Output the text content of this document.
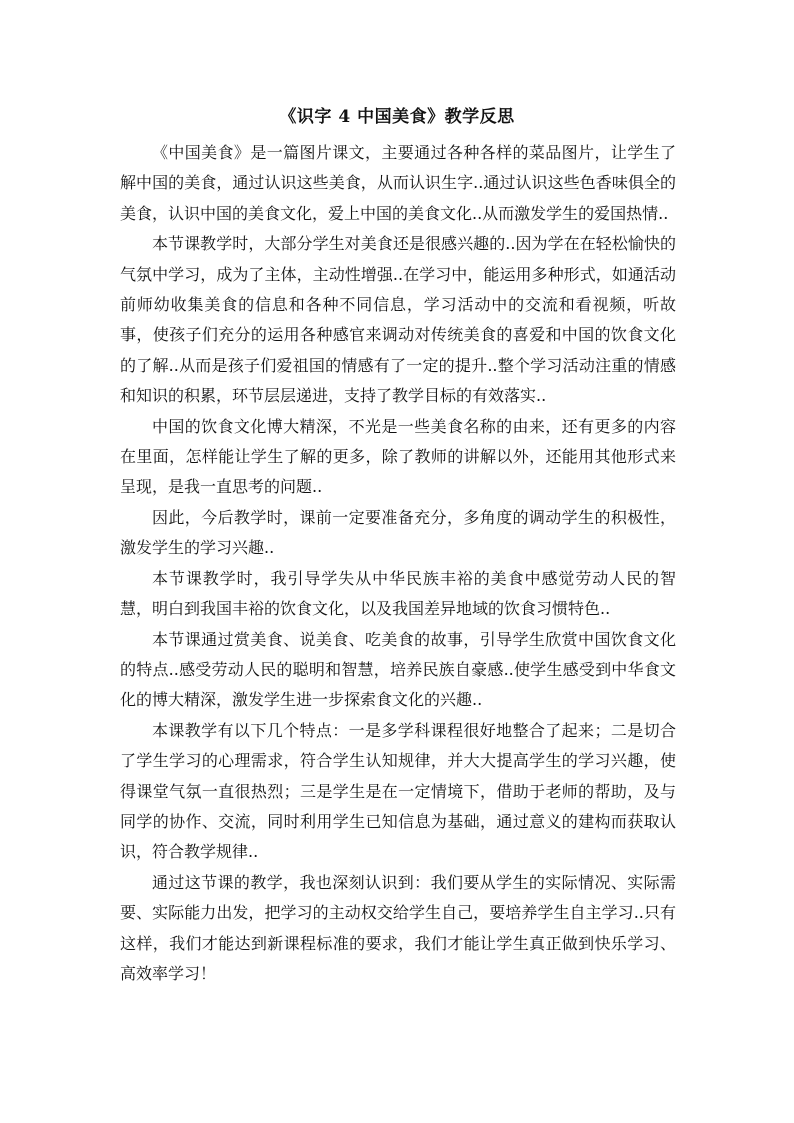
《识字 4 中国美食》教学反思

《中国美食》是一篇图片课文，主要通过各种各样的菜品图片，让学生了解中国的美食，通过认识这些美食，从而认识生字..通过认识这些色香味俱全的美食，认识中国的美食文化，爱上中国的美食文化..从而激发学生的爱国热情..

本节课教学时，大部分学生对美食还是很感兴趣的..因为学在在轻松愉快的气氛中学习，成为了主体，主动性增强..在学习中，能运用多种形式，如通活动前师幼收集美食的信息和各种不同信息，学习活动中的交流和看视频，听故事，使孩子们充分的运用各种感官来调动对传统美食的喜爱和中国的饮食文化的了解..从而是孩子们爱祖国的情感有了一定的提升..整个学习活动注重的情感和知识的积累，环节层层递进，支持了教学目标的有效落实..

中国的饮食文化博大精深，不光是一些美食名称的由来，还有更多的内容在里面，怎样能让学生了解的更多，除了教师的讲解以外，还能用其他形式来呈现，是我一直思考的问题..

因此，今后教学时，课前一定要准备充分，多角度的调动学生的积极性，激发学生的学习兴趣..

本节课教学时，我引导学失从中华民族丰裕的美食中感觉劳动人民的智慧，明白到我国丰裕的饮食文化，以及我国差异地域的饮食习惯特色..

本节课通过赏美食、说美食、吃美食的故事，引导学生欣赏中国饮食文化的特点..感受劳动人民的聪明和智慧，培养民族自豪感..使学生感受到中华食文化的博大精深，激发学生进一步探索食文化的兴趣..

本课教学有以下几个特点：一是多学科课程很好地整合了起来；二是切合了学生学习的心理需求，符合学生认知规律，并大大提高学生的学习兴趣，使得课堂气氛一直很热烈；三是学生是在一定情境下，借助于老师的帮助，及与同学的协作、交流，同时利用学生已知信息为基础，通过意义的建构而获取认识，符合教学规律..

通过这节课的教学，我也深刻认识到：我们要从学生的实际情况、实际需要、实际能力出发，把学习的主动权交给学生自己，要培养学生自主学习..只有这样，我们才能达到新课程标准的要求，我们才能让学生真正做到快乐学习、高效率学习！
